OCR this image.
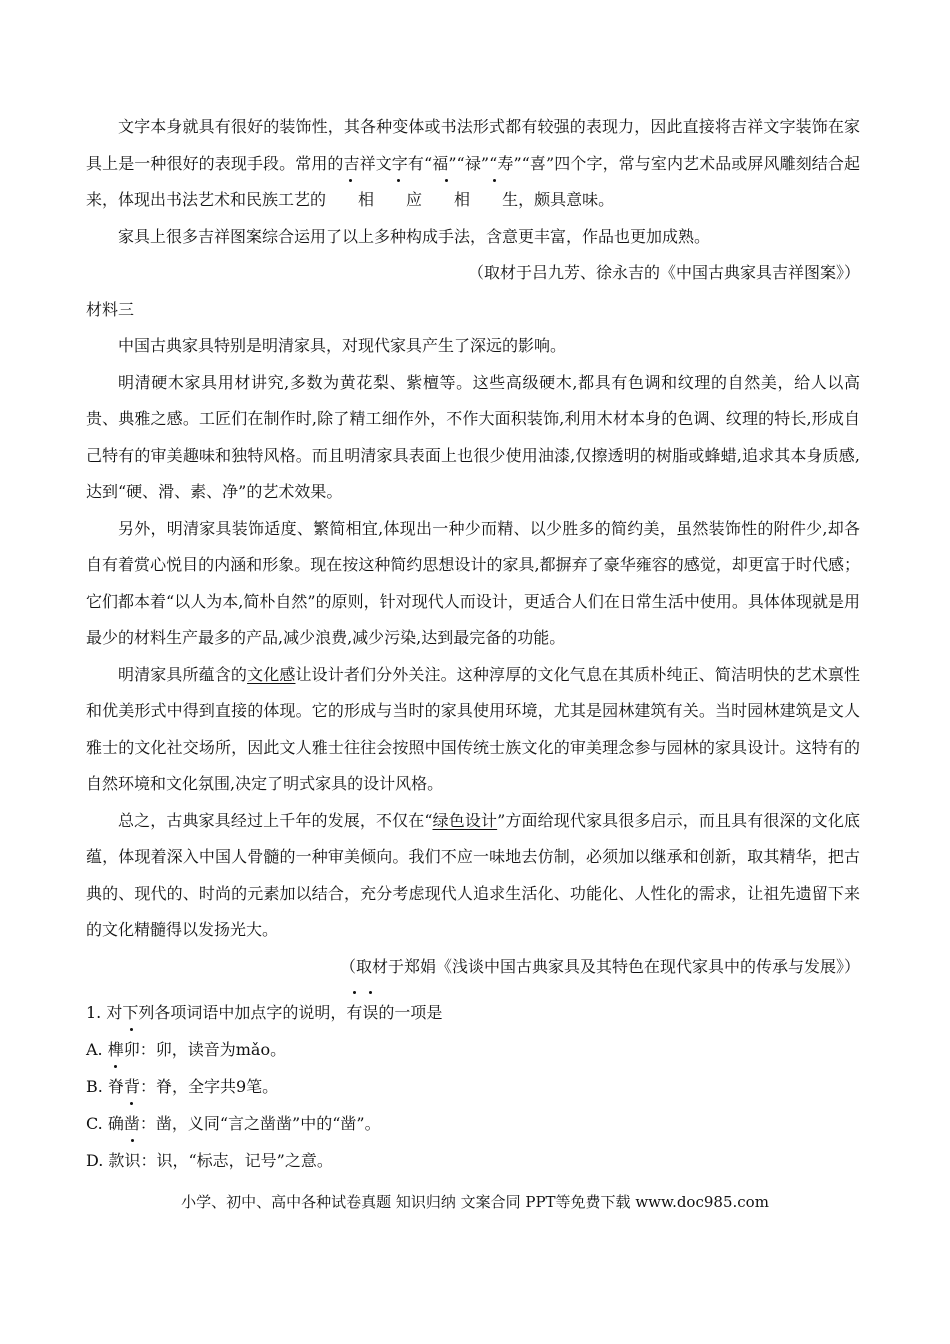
文字本身就具有很好的装饰性，其各种变体或书法形式都有较强的表现力，因此直接将吉祥文字装饰在家具上是一种很好的表现手段。常用的吉祥文字有“福”“禄”“寿”“喜”四个字，常与室内艺术品或屏风雕刻结合起来，体现出书法艺术和民族工艺的 相 应 相 生，颇具意味。

家具上很多吉祥图案综合运用了以上多种构成手法，含意更丰富，作品也更加成熟。

（取材于吕九芳、徐永吉的《中国古典家具吉祥图案》）

材料三

中国古典家具特别是明清家具，对现代家具产生了深远的影响。

明清硬木家具用材讲究,多数为黄花梨、紫檀等。这些高级硬木,都具有色调和纹理的自然美，给人以高贵、典雅之感。工匠们在制作时,除了精工细作外，不作大面积装饰,利用木材本身的色调、纹理的特长,形成自己特有的审美趣味和独特风格。而且明清家具表面上也很少使用油漆,仅擦透明的树脂或蜂蜡,追求其本身质感,达到“硬、滑、素、净”的艺术效果。

另外，明清家具装饰适度、繁简相宜,体现出一种少而精、以少胜多的简约美，虽然装饰性的附件少,却各自有着赏心悦目的内涵和形象。现在按这种简约思想设计的家具,都摒弃了豪华雍容的感觉，却更富于时代感；它们都本着“以人为本,简朴自然”的原则，针对现代人而设计，更适合人们在日常生活中使用。具体体现就是用最少的材料生产最多的产品,减少浪费,减少污染,达到最完备的功能。

明清家具所蕴含的文化感让设计者们分外关注。这种淳厚的文化气息在其质朴纯正、简洁明快的艺术禀性和优美形式中得到直接的体现。它的形成与当时的家具使用环境，尤其是园林建筑有关。当时园林建筑是文人雅士的文化社交场所，因此文人雅士往往会按照中国传统士族文化的审美理念参与园林的家具设计。这特有的自然环境和文化氛围,决定了明式家具的设计风格。

总之，古典家具经过上千年的发展，不仅在“绿色设计”方面给现代家具很多启示，而且具有很深的文化底蕴，体现着深入中国人骨髓的一种审美倾向。我们不应一味地去仿制，必须加以继承和创新，取其精华，把古典的、现代的、时尚的元素加以结合，充分考虑现代人追求生活化、功能化、人性化的需求，让祖先遗留下来的文化精髓得以发扬光大。

（取材于郑娟《浅谈中国古典家具及其特色在现代家具中的传承与发展》）

1. 对下列各项词语中加点字的说明，有误的一项是

A. 榫卯：卯，读音为mǎo。

B. 脊背：脊，全字共9笔。

C. 确凿：凿，义同“言之凿凿”中的“凿”。

D. 款识：识，“标志，记号”之意。

小学、初中、高中各种试卷真题 知识归纳 文案合同 PPT等免费下载 www.doc985.com
